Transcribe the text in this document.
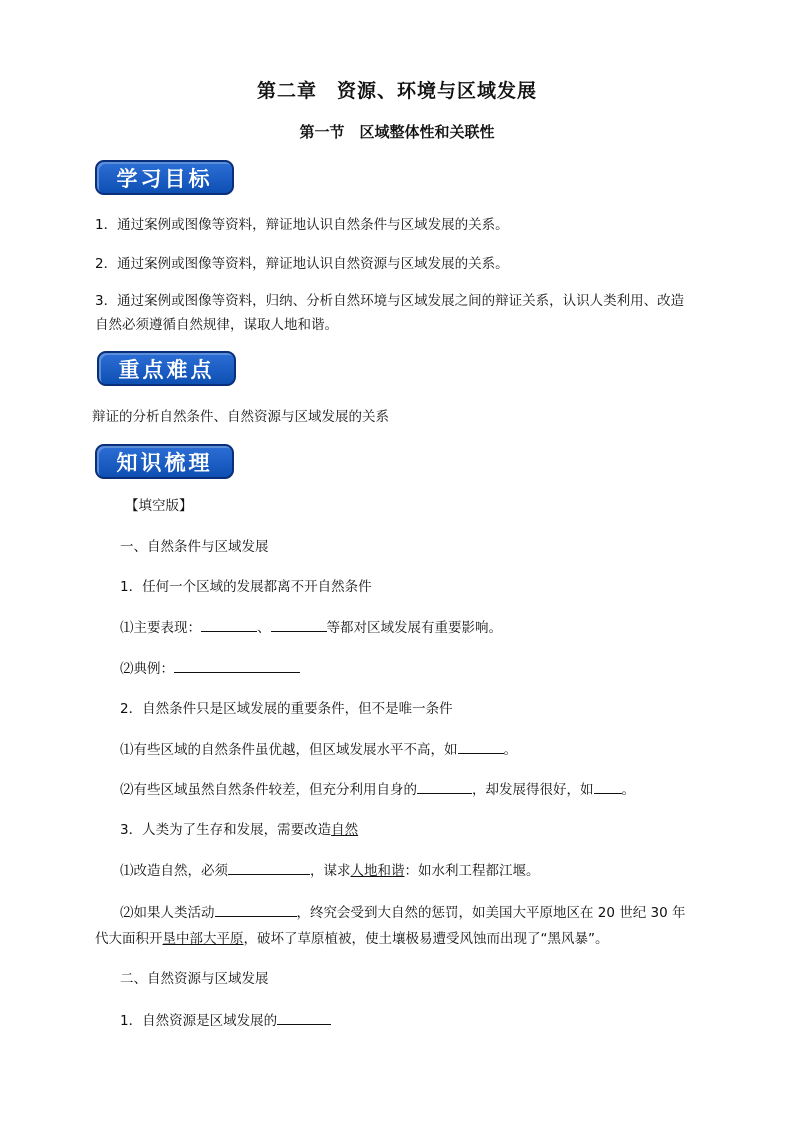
第二章　资源、环境与区域发展
第一节　区域整体性和关联性
学习目标
1．通过案例或图像等资料，辩证地认识自然条件与区域发展的关系。
2．通过案例或图像等资料，辩证地认识自然资源与区域发展的关系。
3．通过案例或图像等资料，归纳、分析自然环境与区域发展之间的辩证关系，认识人类利用、改造
自然必须遵循自然规律，谋取人地和谐。
重点难点
辩证的分析自然条件、自然资源与区域发展的关系
知识梳理
【填空版】
一、自然条件与区域发展
1．任何一个区域的发展都离不开自然条件
⑴主要表现：	、	等都对区域发展有重要影响。
⑵典例：
2．自然条件只是区域发展的重要条件，但不是唯一条件
⑴有些区域的自然条件虽优越，但区域发展水平不高，如	。
⑵有些区域虽然自然条件较差，但充分利用自身的	，却发展得很好，如 。
3．人类为了生存和发展，需要改造自然
⑴改造自然，必须	，谋求人地和谐：如水利工程都江堰。
⑵如果人类活动	，终究会受到大自然的惩罚，如美国大平原地区在 20 世纪 30 年
代大面积开垦中部大平原，破坏了草原植被，使土壤极易遭受风蚀而出现了“黑风暴”。
二、自然资源与区域发展
1．自然资源是区域发展的
